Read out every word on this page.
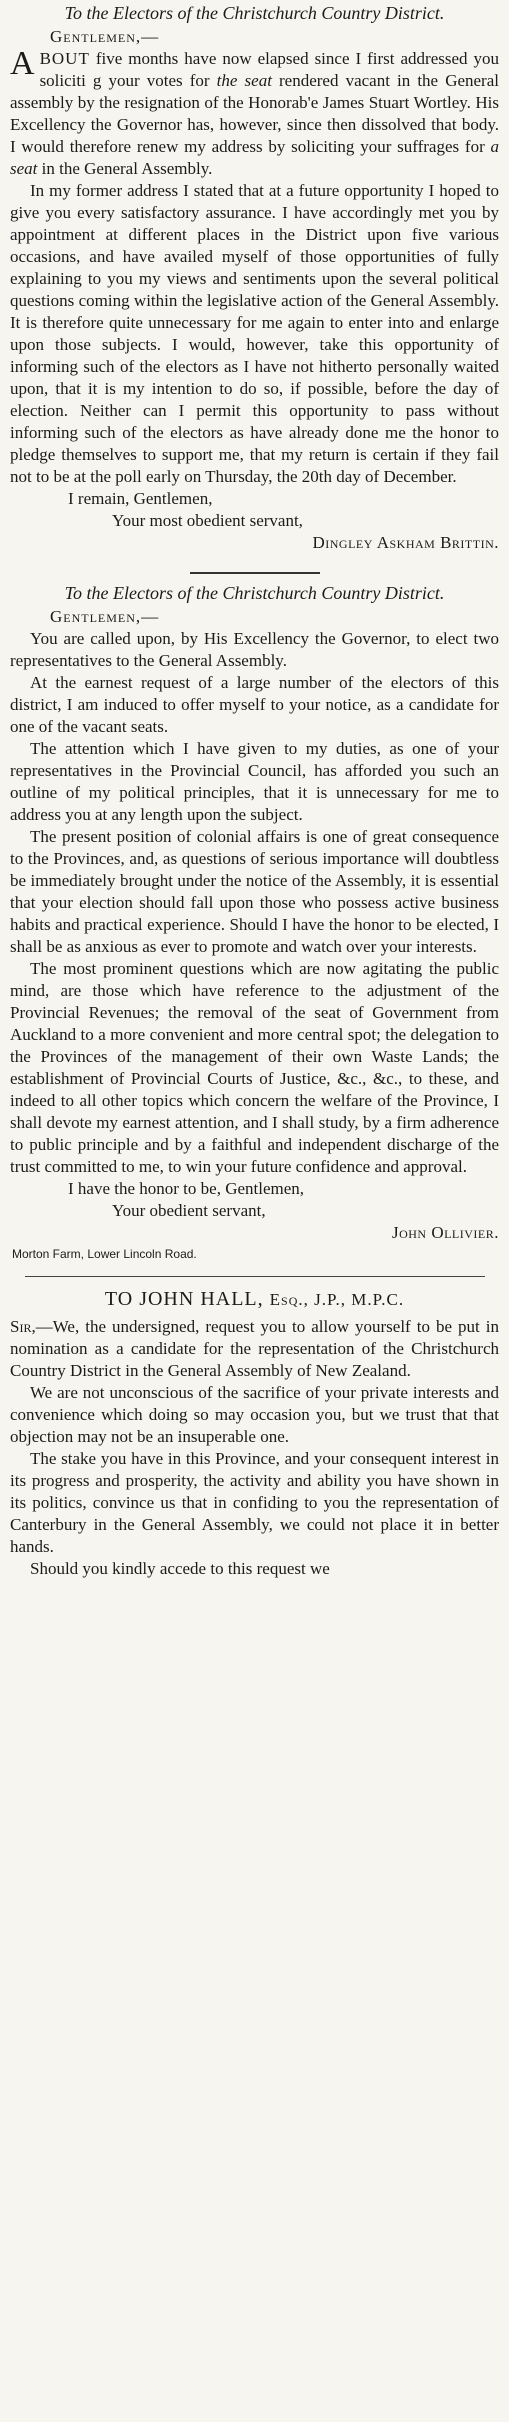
To the Electors of the Christchurch Country District.
Gentlemen,—

ABOUT five months have now elapsed since I first addressed you soliciti g your votes for the seat rendered vacant in the General assembly by the resignation of the Honorab'e James Stuart Wortley. His Excellency the Governor has, however, since then dissolved that body. I would therefore renew my address by soliciting your suffrages for a seat in the General Assembly.

In my former address I stated that at a future opportunity I hoped to give you every satisfactory assurance. I have accordingly met you by appointment at different places in the District upon five various occasions, and have availed myself of those opportunities of fully explaining to you my views and sentiments upon the several political questions coming within the legislative action of the General Assembly. It is therefore quite unnecessary for me again to enter into and enlarge upon those subjects. I would, however, take this opportunity of informing such of the electors as I have not hitherto personally waited upon, that it is my intention to do so, if possible, before the day of election. Neither can I permit this opportunity to pass without informing such of the electors as have already done me the honor to pledge themselves to support me, that my return is certain if they fail not to be at the poll early on Thursday, the 20th day of December.

I remain, Gentlemen,
Your most obedient servant,
Dingley Askham Brittin.
To the Electors of the Christchurch Country District.
Gentlemen,—

You are called upon, by His Excellency the Governor, to elect two representatives to the General Assembly.

At the earnest request of a large number of the electors of this district, I am induced to offer myself to your notice, as a candidate for one of the vacant seats.

The attention which I have given to my duties, as one of your representatives in the Provincial Council, has afforded you such an outline of my political principles, that it is unnecessary for me to address you at any length upon the subject.

The present position of colonial affairs is one of great consequence to the Provinces, and, as questions of serious importance will doubtless be immediately brought under the notice of the Assembly, it is essential that your election should fall upon those who possess active business habits and practical experience. Should I have the honor to be elected, I shall be as anxious as ever to promote and watch over your interests.

The most prominent questions which are now agitating the public mind, are those which have reference to the adjustment of the Provincial Revenues; the removal of the seat of Government from Auckland to a more convenient and more central spot; the delegation to the Provinces of the management of their own Waste Lands; the establishment of Provincial Courts of Justice, &c., &c., to these, and indeed to all other topics which concern the welfare of the Province, I shall devote my earnest attention, and I shall study, by a firm adherence to public principle and by a faithful and independent discharge of the trust committed to me, to win your future confidence and approval.

I have the honor to be, Gentlemen,
Your obedient servant,
John Ollivier.
Morton Farm, Lower Lincoln Road.
TO JOHN HALL, Esq., J.P., M.P.C.

Sir,—We, the undersigned, request you to allow yourself to be put in nomination as a candidate for the representation of the Christchurch Country District in the General Assembly of New Zealand.

We are not unconscious of the sacrifice of your private interests and convenience which doing so may occasion you, but we trust that that objection may not be an insuperable one.

The stake you have in this Province, and your consequent interest in its progress and prosperity, the activity and ability you have shown in its politics, convince us that in confiding to you the representation of Canterbury in the General Assembly, we could not place it in better hands.

Should you kindly accede to this request we
